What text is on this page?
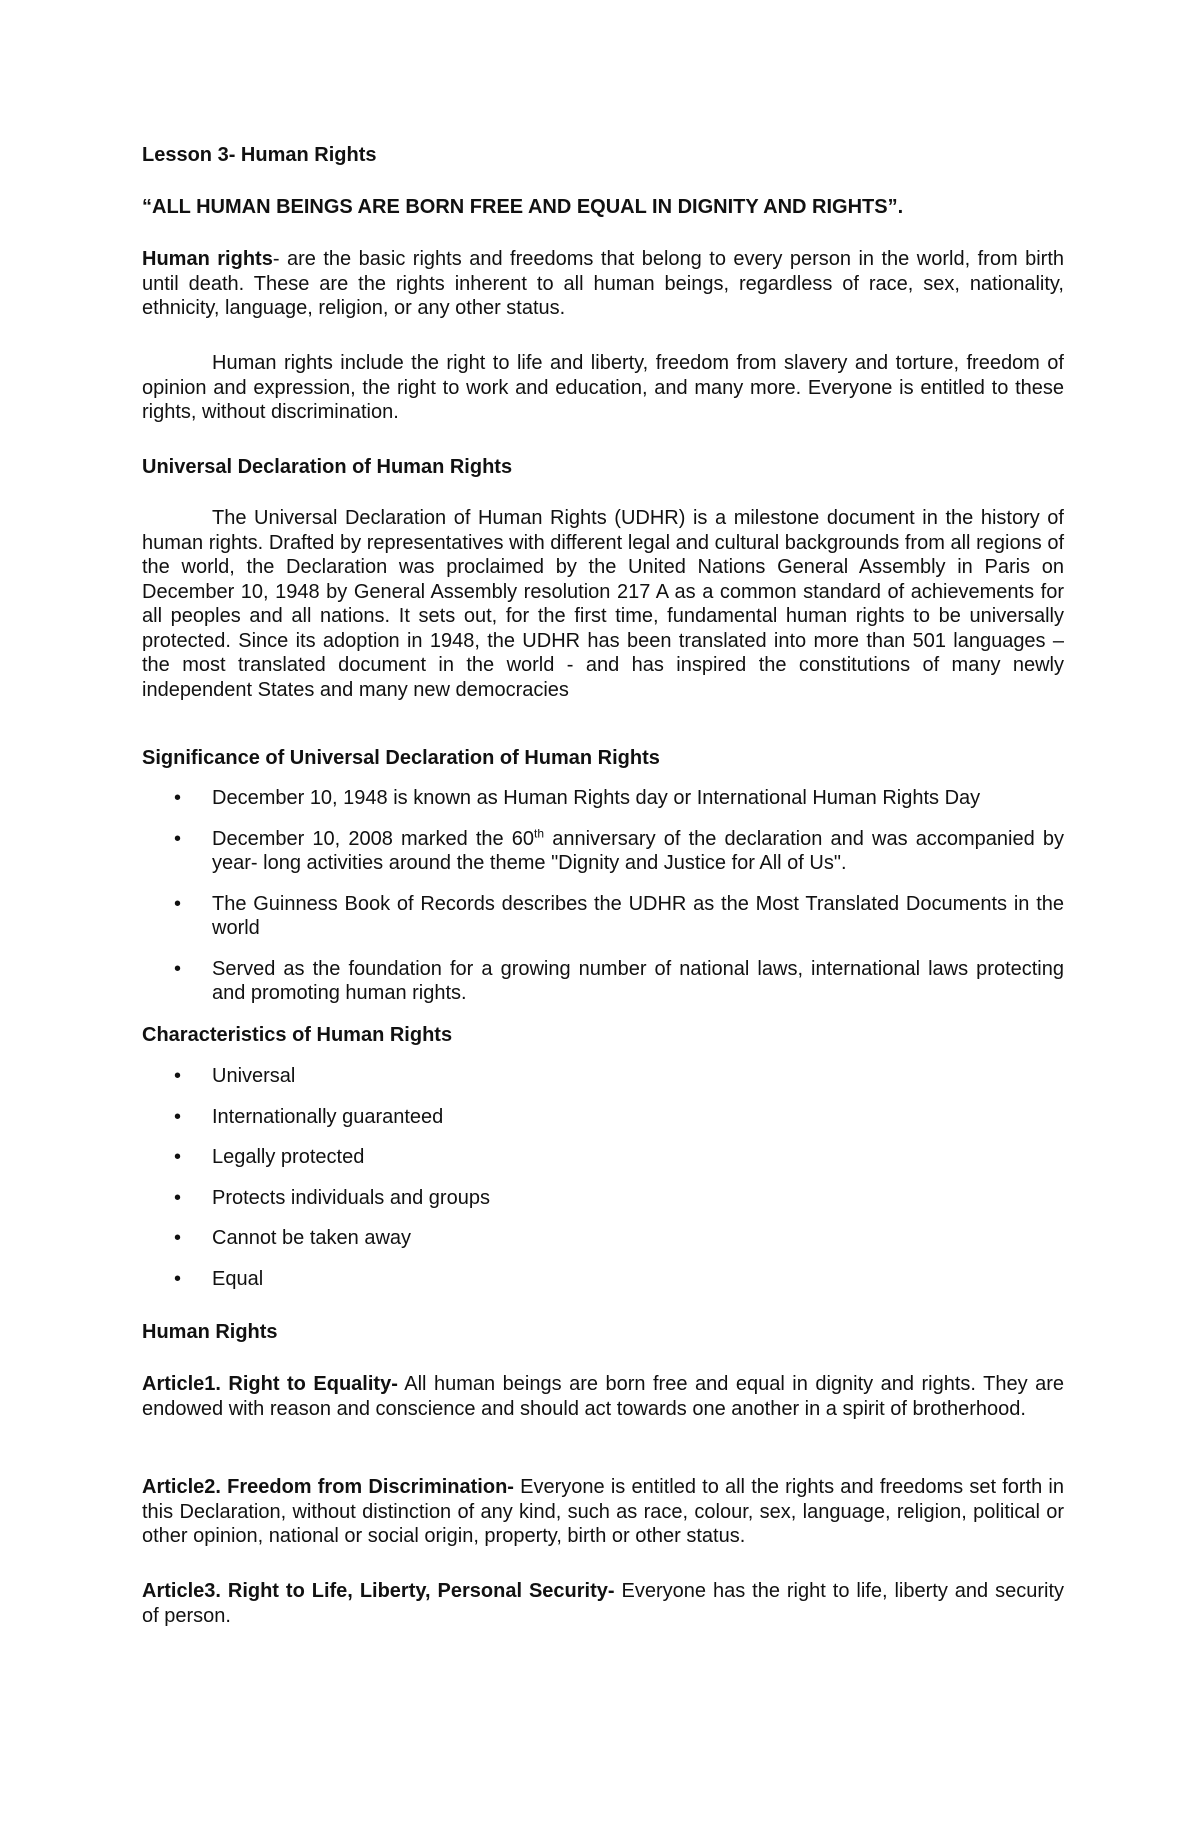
Lesson 3- Human Rights

“ALL HUMAN BEINGS ARE BORN FREE AND EQUAL IN DIGNITY AND RIGHTS”.

Human rights- are the basic rights and freedoms that belong to every person in the world, from birth until death. These are the rights inherent to all human beings, regardless of race, sex, nationality, ethnicity, language, religion, or any other status.

Human rights include the right to life and liberty, freedom from slavery and torture, freedom of opinion and expression, the right to work and education, and many more. Everyone is entitled to these rights, without discrimination.

Universal Declaration of Human Rights

The Universal Declaration of Human Rights (UDHR) is a milestone document in the history of human rights. Drafted by representatives with different legal and cultural backgrounds from all regions of the world, the Declaration was proclaimed by the United Nations General Assembly in Paris on December 10, 1948 by General Assembly resolution 217 A as a common standard of achievements for all peoples and all nations. It sets out, for the first time, fundamental human rights to be universally protected. Since its adoption in 1948, the UDHR has been translated into more than 501 languages – the most translated document in the world - and has inspired the constitutions of many newly independent States and many new democracies

Significance of Universal Declaration of Human Rights
• December 10, 1948 is known as Human Rights day or International Human Rights Day
• December 10, 2008 marked the 60th anniversary of the declaration and was accompanied by year- long activities around the theme "Dignity and Justice for All of Us".
• The Guinness Book of Records describes the UDHR as the Most Translated Documents in the world
• Served as the foundation for a growing number of national laws, international laws protecting and promoting human rights.
Characteristics of Human Rights
• Universal
• Internationally guaranteed
• Legally protected
• Protects individuals and groups
• Cannot be taken away
• Equal
Human Rights

Article1. Right to Equality- All human beings are born free and equal in dignity and rights. They are endowed with reason and conscience and should act towards one another in a spirit of brotherhood.

Article2. Freedom from Discrimination- Everyone is entitled to all the rights and freedoms set forth in this Declaration, without distinction of any kind, such as race, colour, sex, language, religion, political or other opinion, national or social origin, property, birth or other status.

Article3. Right to Life, Liberty, Personal Security- Everyone has the right to life, liberty and security of person.
